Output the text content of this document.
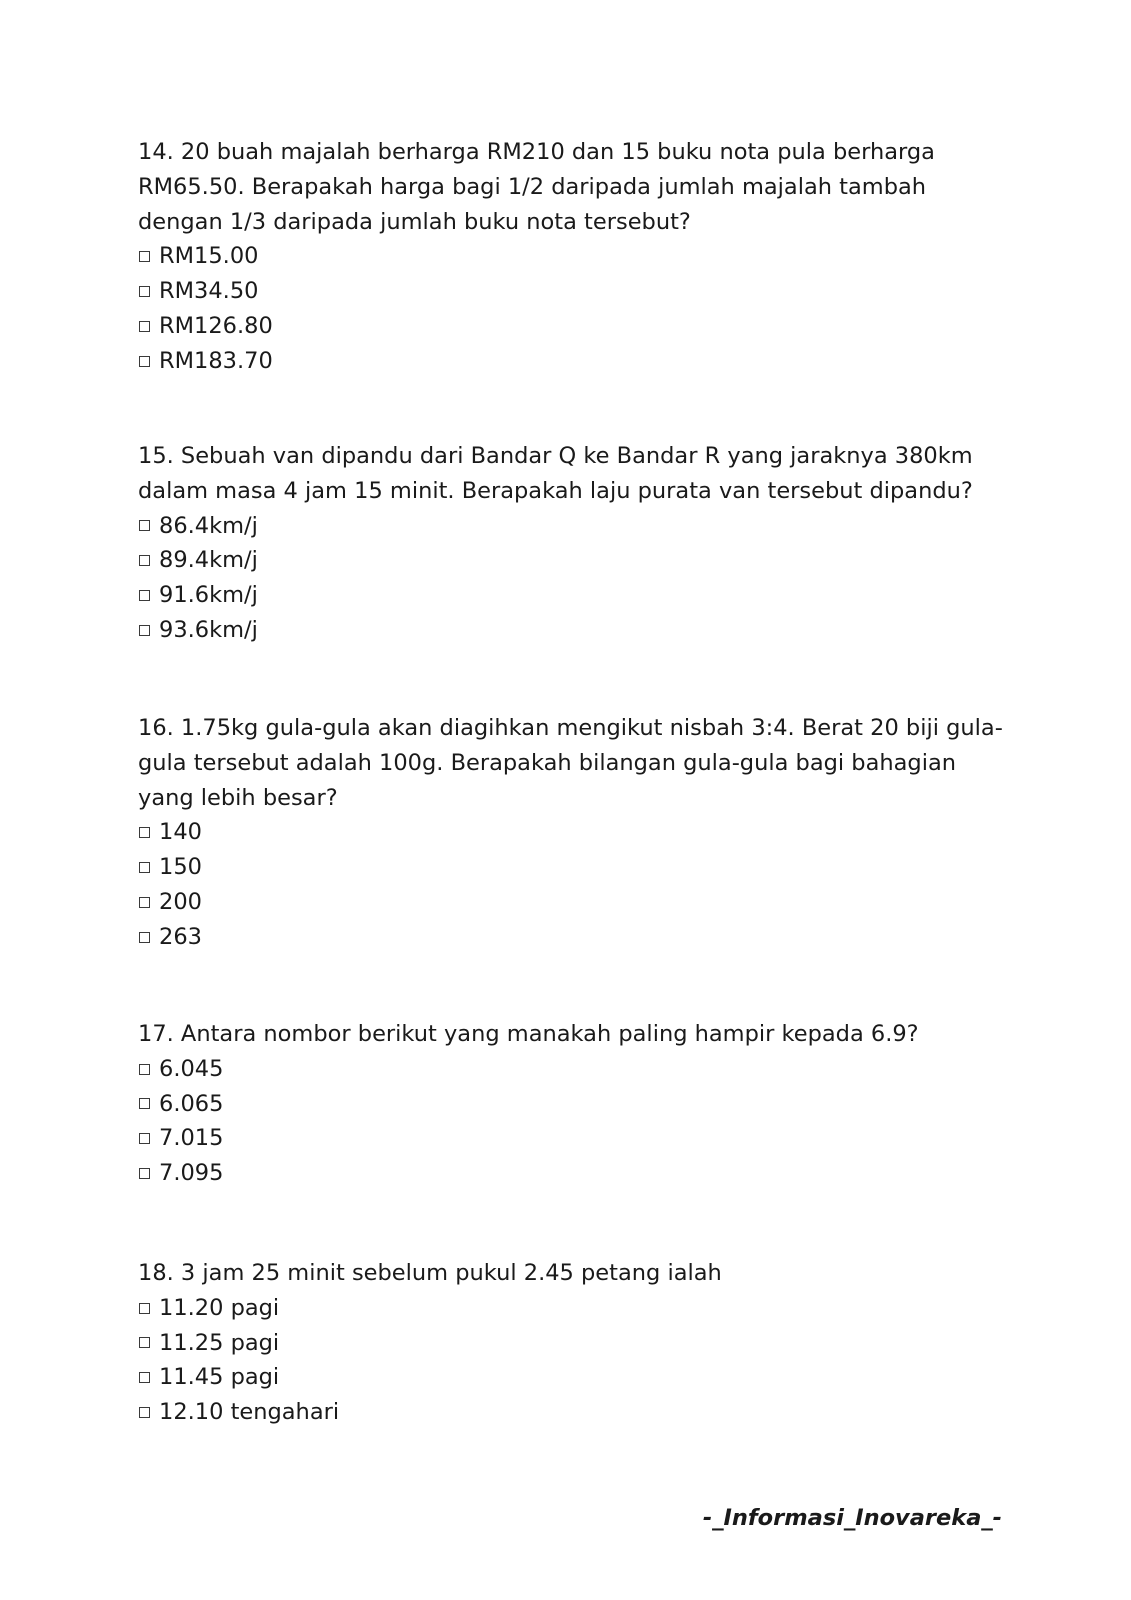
14. 20 buah majalah berharga RM210 dan 15 buku nota pula berharga RM65.50. Berapakah harga bagi 1/2 daripada jumlah majalah tambah dengan 1/3 daripada jumlah buku nota tersebut?

RM15.00
RM34.50
RM126.80
RM183.70

15. Sebuah van dipandu dari Bandar Q ke Bandar R yang jaraknya 380km dalam masa 4 jam 15 minit. Berapakah laju purata van tersebut dipandu?

86.4km/j
89.4km/j
91.6km/j
93.6km/j

16. 1.75kg gula-gula akan diagihkan mengikut nisbah 3:4. Berat 20 biji gula-gula tersebut adalah 100g. Berapakah bilangan gula-gula bagi bahagian yang lebih besar?

140
150
200
263

17. Antara nombor berikut yang manakah paling hampir kepada 6.9?

6.045
6.065
7.015
7.095

18. 3 jam 25 minit sebelum pukul 2.45 petang ialah

11.20 pagi
11.25 pagi
11.45 pagi
12.10 tengahari
-_Informasi_Inovareka_-
